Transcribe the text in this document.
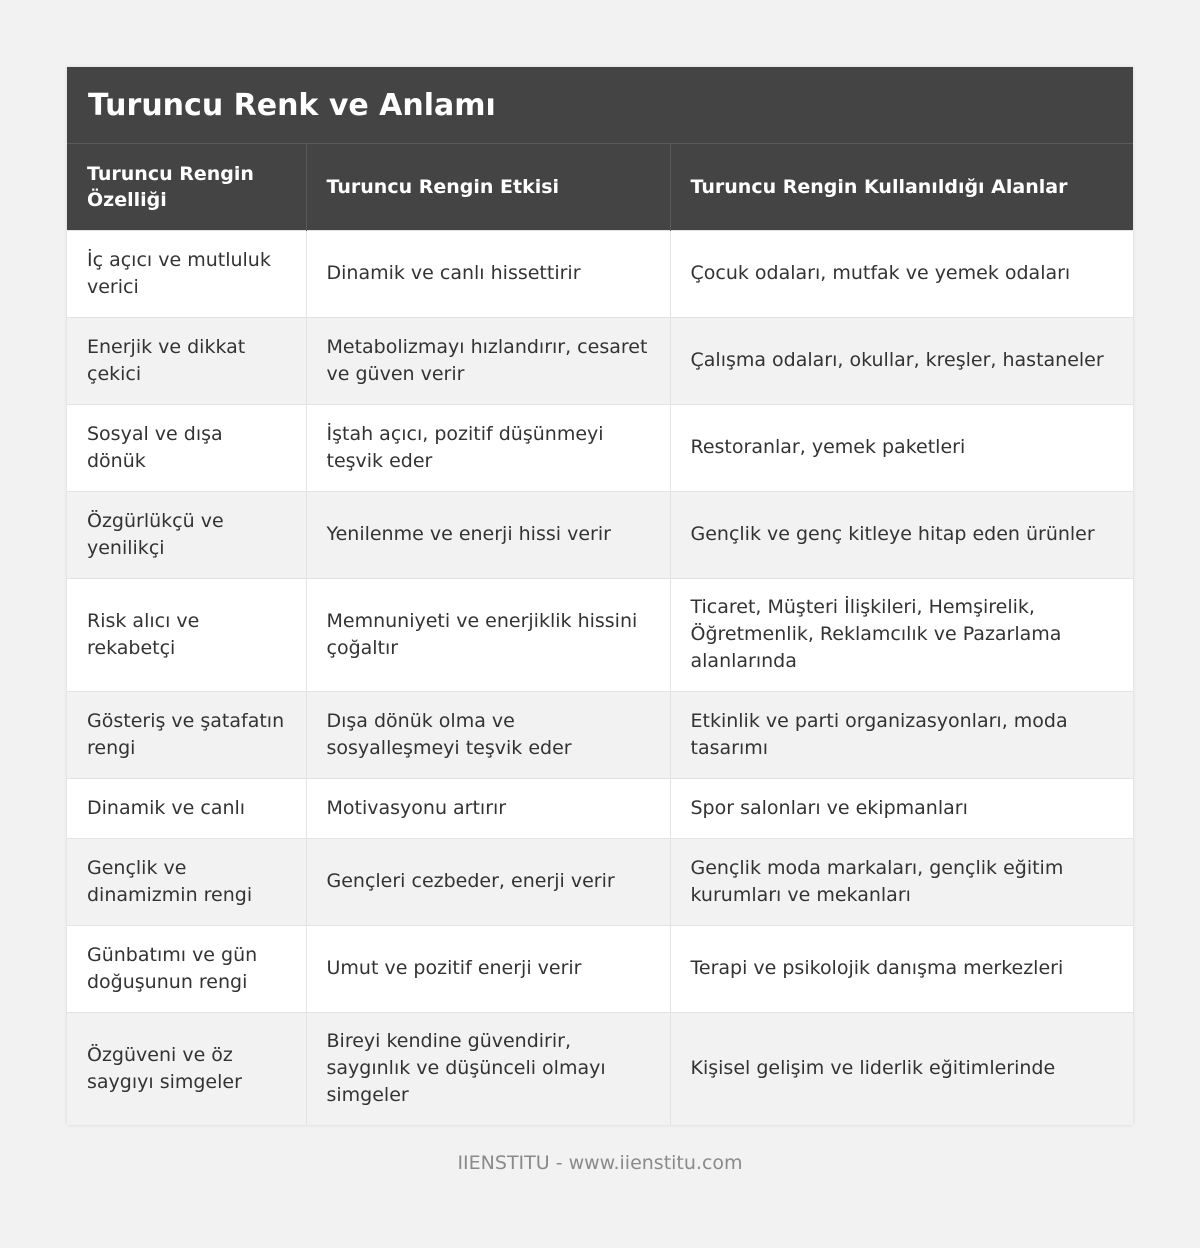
Turuncu Renk ve Anlamı
Turuncu Rengin Özelliği	Turuncu Rengin Etkisi	Turuncu Rengin Kullanıldığı Alanlar
İç açıcı ve mutluluk verici	Dinamik ve canlı hissettirir	Çocuk odaları, mutfak ve yemek odaları
Enerjik ve dikkat çekici	Metabolizmayı hızlandırır, cesaret ve güven verir	Çalışma odaları, okullar, kreşler, hastaneler
Sosyal ve dışa dönük	İştah açıcı, pozitif düşünmeyi teşvik eder	Restoranlar, yemek paketleri
Özgürlükçü ve yenilikçi	Yenilenme ve enerji hissi verir	Gençlik ve genç kitleye hitap eden ürünler
Risk alıcı ve rekabetçi	Memnuniyeti ve enerjiklik hissini çoğaltır	Ticaret, Müşteri İlişkileri, Hemşirelik, Öğretmenlik, Reklamcılık ve Pazarlama alanlarında
Gösteriş ve şatafatın rengi	Dışa dönük olma ve sosyalleşmeyi teşvik eder	Etkinlik ve parti organizasyonları, moda tasarımı
Dinamik ve canlı	Motivasyonu artırır	Spor salonları ve ekipmanları
Gençlik ve dinamizmin rengi	Gençleri cezbeder, enerji verir	Gençlik moda markaları, gençlik eğitim kurumları ve mekanları
Günbatımı ve gün doğuşunun rengi	Umut ve pozitif enerji verir	Terapi ve psikolojik danışma merkezleri
Özgüveni ve öz saygıyı simgeler	Bireyi kendine güvendirir, saygınlık ve düşünceli olmayı simgeler	Kişisel gelişim ve liderlik eğitimlerinde
IIENSTITU - www.iienstitu.com
